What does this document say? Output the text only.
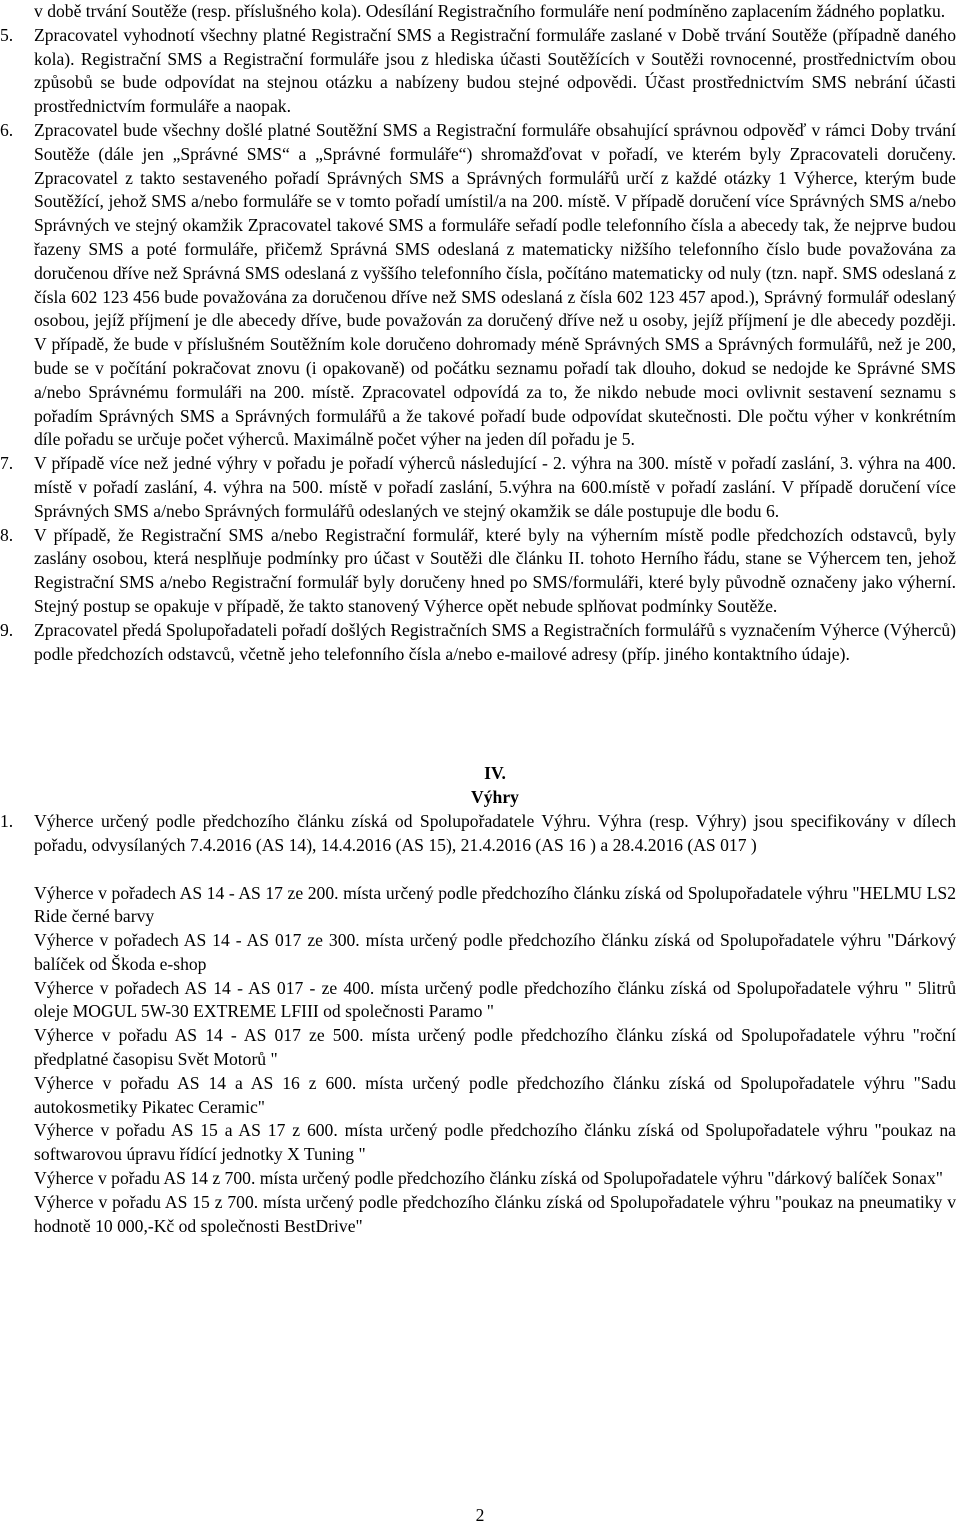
v době trvání Soutěže (resp. příslušného kola). Odesílání Registračního formuláře není podmíněno zaplacením žádného poplatku.

5.	Zpracovatel vyhodnotí všechny platné Registrační SMS a Registrační formuláře zaslané v Době trvání Soutěže (případně daného kola). Registrační SMS a Registrační formuláře jsou z hlediska účasti Soutěžících v Soutěži rovnocenné, prostřednictvím obou způsobů se bude odpovídat na stejnou otázku a nabízeny budou stejné odpovědi. Účast prostřednictvím SMS nebrání účasti prostřednictvím formuláře a naopak.
6.	Zpracovatel bude všechny došlé platné Soutěžní SMS a Registrační formuláře obsahující správnou odpověď v rámci Doby trvání Soutěže (dále jen „Správné SMS“ a „Správné formuláře“) shromažďovat v pořadí, ve kterém byly Zpracovateli doručeny. Zpracovatel z takto sestaveného pořadí Správných SMS a Správných formulářů určí z každé otázky 1 Výherce, kterým bude Soutěžící, jehož SMS a/nebo formuláře se v tomto pořadí umístil/a na 200. místě. V případě doručení více Správných SMS a/nebo Správných ve stejný okamžik Zpracovatel takové SMS a formuláře seřadí podle telefonního čísla a abecedy tak, že nejprve budou řazeny SMS a poté formuláře, přičemž Správná SMS odeslaná z matematicky nižšího telefonního číslo bude považována za doručenou dříve než Správná SMS odeslaná z vyššího telefonního čísla, počítáno matematicky od nuly (tzn. např. SMS odeslaná z čísla 602 123 456 bude považována za doručenou dříve než SMS odeslaná z čísla 602 123 457 apod.), Správný formulář odeslaný osobou, jejíž příjmení je dle abecedy dříve, bude považován za doručený dříve než u osoby, jejíž příjmení je dle abecedy později. V případě, že bude v příslušném Soutěžním kole doručeno dohromady méně Správných SMS a Správných formulářů, než je 200, bude se v počítání pokračovat znovu (i opakovaně) od počátku seznamu pořadí tak dlouho, dokud se nedojde ke Správné SMS a/nebo Správnému formuláři na 200. místě. Zpracovatel odpovídá za to, že nikdo nebude moci ovlivnit sestavení seznamu s pořadím Správných SMS a Správných formulářů a že takové pořadí bude odpovídat skutečnosti. Dle počtu výher v konkrétním díle pořadu se určuje počet výherců. Maximálně počet výher na jeden díl pořadu je 5.
7.	V případě více než jedné výhry v pořadu je pořadí výherců následující - 2. výhra na 300. místě v pořadí zaslání, 3. výhra na 400. místě v pořadí zaslání, 4. výhra na 500. místě v pořadí zaslání, 5.výhra na 600.místě v pořadí zaslání. V případě doručení více Správných SMS a/nebo Správných formulářů odeslaných ve stejný okamžik se dále postupuje dle bodu 6.
8.	V případě, že Registrační SMS a/nebo Registrační formulář, které byly na výherním místě podle předchozích odstavců, byly zaslány osobou, která nesplňuje podmínky pro účast v Soutěži dle článku II. tohoto Herního řádu, stane se Výhercem ten, jehož Registrační SMS a/nebo Registrační formulář byly doručeny hned po SMS/formuláři, které byly původně označeny jako výherní. Stejný postup se opakuje v případě, že takto stanovený Výherce opět nebude splňovat podmínky Soutěže.
9.	Zpracovatel předá Spolupořadateli pořadí došlých Registračních SMS a Registračních formulářů s vyznačením Výherce (Výherců) podle předchozích odstavců, včetně jeho telefonního čísla a/nebo e-mailové adresy (příp. jiného kontaktního údaje).

IV.

Výhry

1.	Výherce určený podle předchozího článku získá od Spolupořadatele Výhru. Výhra (resp. Výhry) jsou specifikovány v dílech pořadu, odvysílaných 7.4.2016 (AS 14), 14.4.2016 (AS 15), 21.4.2016 (AS 16 ) a 28.4.2016 (AS 017 )

Výherce v pořadech AS 14 - AS 17 ze 200. místa určený podle předchozího článku získá od Spolupořadatele výhru "HELMU LS2 Ride černé barvy

Výherce v pořadech AS 14 - AS 017 ze 300. místa určený podle předchozího článku získá od Spolupořadatele výhru "Dárkový balíček od Škoda e-shop

Výherce v pořadech AS 14 - AS 017 - ze 400. místa určený podle předchozího článku získá od Spolupořadatele výhru " 5litrů oleje MOGUL 5W-30 EXTREME LFIII od společnosti Paramo "

Výherce v pořadu AS 14 - AS 017 ze 500. místa určený podle předchozího článku získá od Spolupořadatele výhru "roční předplatné časopisu Svět Motorů "

Výherce v pořadu AS 14 a AS 16 z 600. místa určený podle předchozího článku získá od Spolupořadatele výhru "Sadu autokosmetiky Pikatec Ceramic"

Výherce v pořadu AS 15 a AS 17 z 600. místa určený podle předchozího článku získá od Spolupořadatele výhru "poukaz na softwarovou úpravu řídící jednotky X Tuning "

Výherce v pořadu AS 14 z 700. místa určený podle předchozího článku získá od Spolupořadatele výhru "dárkový balíček Sonax"

Výherce v pořadu AS 15 z 700. místa určený podle předchozího článku získá od Spolupořadatele výhru "poukaz na pneumatiky v hodnotě 10 000,-Kč od společnosti BestDrive"

2
